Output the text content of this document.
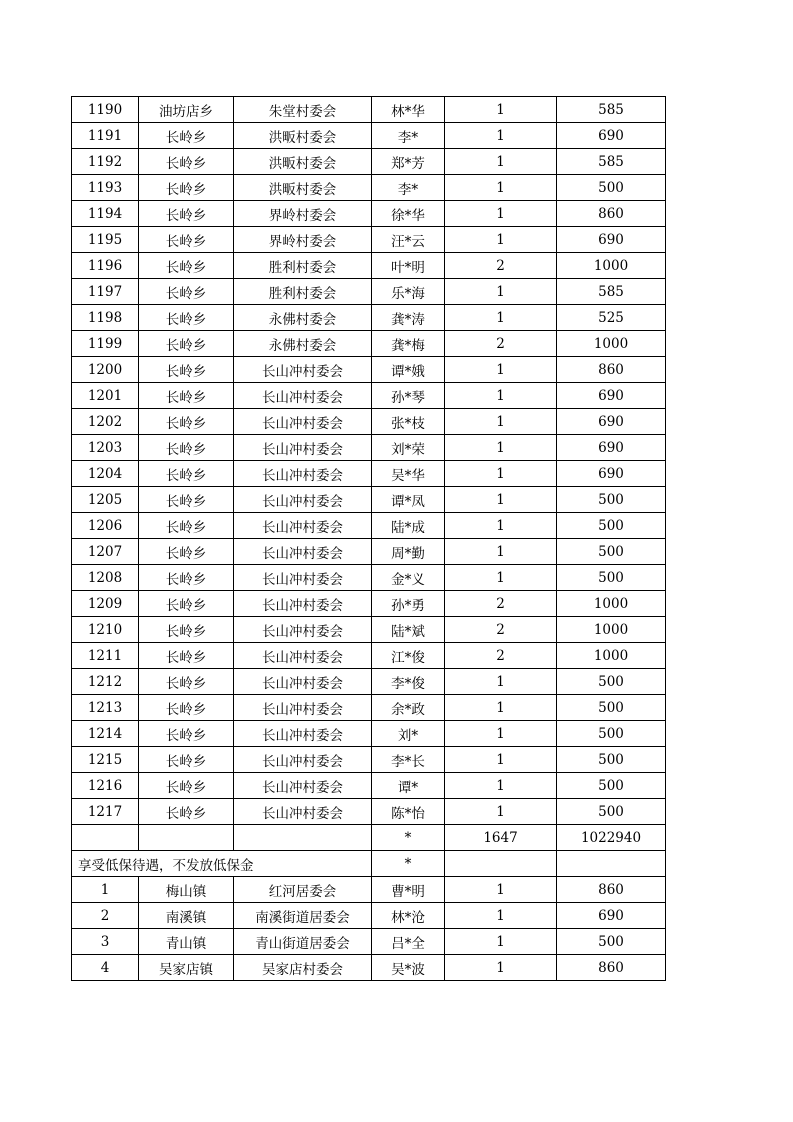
1190	油坊店乡	朱堂村委会	林*华	1	585
1191	长岭乡	洪畈村委会	李*	1	690
1192	长岭乡	洪畈村委会	郑*芳	1	585
1193	长岭乡	洪畈村委会	李*	1	500
1194	长岭乡	界岭村委会	徐*华	1	860
1195	长岭乡	界岭村委会	汪*云	1	690
1196	长岭乡	胜利村委会	叶*明	2	1000
1197	长岭乡	胜利村委会	乐*海	1	585
1198	长岭乡	永佛村委会	龚*涛	1	525
1199	长岭乡	永佛村委会	龚*梅	2	1000
1200	长岭乡	长山冲村委会	谭*娥	1	860
1201	长岭乡	长山冲村委会	孙*琴	1	690
1202	长岭乡	长山冲村委会	张*枝	1	690
1203	长岭乡	长山冲村委会	刘*荣	1	690
1204	长岭乡	长山冲村委会	吴*华	1	690
1205	长岭乡	长山冲村委会	谭*凤	1	500
1206	长岭乡	长山冲村委会	陆*成	1	500
1207	长岭乡	长山冲村委会	周*勤	1	500
1208	长岭乡	长山冲村委会	金*义	1	500
1209	长岭乡	长山冲村委会	孙*勇	2	1000
1210	长岭乡	长山冲村委会	陆*斌	2	1000
1211	长岭乡	长山冲村委会	江*俊	2	1000
1212	长岭乡	长山冲村委会	李*俊	1	500
1213	长岭乡	长山冲村委会	余*政	1	500
1214	长岭乡	长山冲村委会	刘*	1	500
1215	长岭乡	长山冲村委会	李*长	1	500
1216	长岭乡	长山冲村委会	谭*	1	500
1217	长岭乡	长山冲村委会	陈*怡	1	500
			*	1647	1022940
享受低保待遇，不发放低保金			*		
1	梅山镇	红河居委会	曹*明	1	860
2	南溪镇	南溪街道居委会	林*沧	1	690
3	青山镇	青山街道居委会	吕*全	1	500
4	吴家店镇	吴家店村委会	吴*波	1	860
